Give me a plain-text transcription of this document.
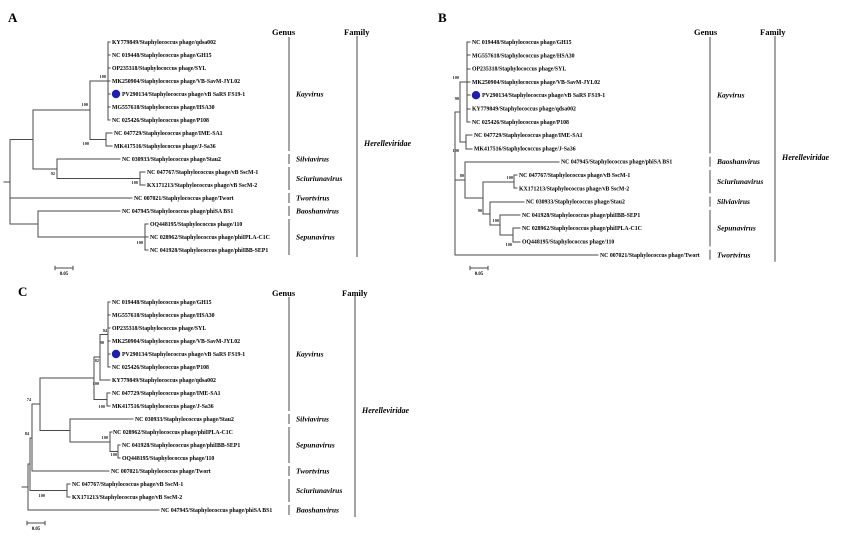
A	B
C
KY779849/Staphylococcus phage/qdsa002
NC 019448/Staphylococcus phage/GH15
OP235318/Staphylococcus phage/SYL
MK250904/Staphylococcus phage/VB-SavM-JYL02
PV290134/Staphylococcus phage/vB SaRS FS19-1
MG557618/Staphylococcus phage/HSA30
NC 025426/Staphylococcus phage/P108
NC 047729/Staphylococcus phage/IME-SA1
MK417516/Staphylococcus phage/J-Sa36
NC 030933/Staphylococcus phage/Stau2
NC 047767/Staphylococcus phage/vB SscM-1
KX171213/Staphylococcus phage/vB SscM-2
NC 007021/Staphylococcus phage/Twort
NC 047945/Staphylococcus phage/phiSA BS1
OQ448195/Staphylococcus phage/110
NC 028962/Staphylococcus phage/phiIPLA-C1C
NC 041928/Staphylococcus phage/phiIBB-SEP1
100
100
100
92
100
100
Genus
Kayvirus
Silviavirus
Sciuriunavirus
Twortvirus
Baoshanvirus
Sepunavirus
Family
Herelleviridae
0.05
NC 019448/Staphylococcus phage/GH15
MG557618/Staphylococcus phage/HSA30
OP235318/Staphylococcus phage/SYL
MK250904/Staphylococcus phage/VB-SavM-JYL02
PV290134/Staphylococcus phage/vB SaRS FS19-1
KY779849/Staphylococcus phage/qdsa002
NC 025426/Staphylococcus phage/P108
NC 047729/Staphylococcus phage/IME-SA1
MK417516/Staphylococcus phage/J-Sa36
NC 047945/Staphylococcus phage/phiSA BS1
NC 047767/Staphylococcus phage/vB SscM-1
KX171213/Staphylococcus phage/vB SscM-2
NC 030933/Staphylococcus phage/Stau2
NC 041928/Staphylococcus phage/phiIBB-SEP1
NC 028962/Staphylococcus phage/phiIPLA-C1C
OQ448195/Staphylococcus phage/110
NC 007021/Staphylococcus phage/Twort
100
90
100
80	100
90
100
100
Genus
Kayvirus
Baoshanvirus
Sciuriunavirus
Silviavirus
Sepunavirus
Twortvirus
Family
Herelleviridae
0.05
NC 019448/Staphylococcus phage/GH15
MG557618/Staphylococcus phage/HSA30
OP235318/Staphylococcus phage/SYL
MK250904/Staphylococcus phage/VB-SavM-JYL02
PV290134/Staphylococcus phage/vB SaRS FS19-1
NC 025426/Staphylococcus phage/P108
KY779849/Staphylococcus phage/qdsa002
NC 047729/Staphylococcus phage/IME-SA1
MK417516/Staphylococcus phage/J-Sa36
NC 030933/Staphylococcus phage/Stau2
NC 028962/Staphylococcus phage/phiIPLA-C1C
NC 041928/Staphylococcus phage/phiIBB-SEP1
OQ448195/Staphylococcus phage/110
NC 007021/Staphylococcus phage/Twort
NC 047767/Staphylococcus phage/vB SscM-1
KX171213/Staphylococcus phage/vB SscM-2
NC 047945/Staphylococcus phage/phiSA BS1
94
90
82
100
100
74
84
100
100
100
Genus
Kayvirus
Silviavirus
Sepunavirus
Twortvirus
Sciuriunavirus
Baoshanvirus
Family
Herelleviridae
0.05
